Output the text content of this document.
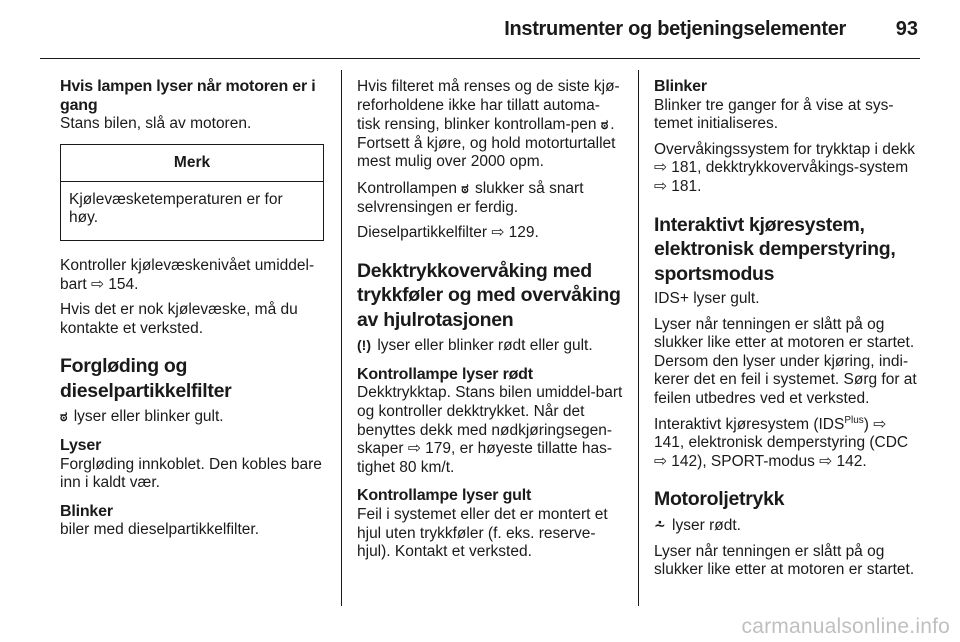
Instrumenter og betjeningselementer 93
Hvis lampen lyser når motoren er i gang

Stans bilen, slå av motoren.

Merk
Kjølevæsketemperaturen er for høy.

Kontroller kjølevæskenivået umiddel-bart ⇨ 154.

Hvis det er nok kjølevæske, må du kontakte et verksted.

Forgløding og dieselpartikkelfilter

ಠ lyser eller blinker gult.

Lyser

Forgløding innkoblet. Den kobles bare inn i kaldt vær.

Blinker

biler med dieselpartikkelfilter.

Hvis filteret må renses og de siste kjø-reforholdene ikke har tillatt automa-tisk rensing, blinker kontrollam-pen ಠ . Fortsett å kjøre, og hold motorturtallet mest mulig over 2000 opm.

Kontrollampen ಠ slukker så snart selvrensingen er ferdig.

Dieselpartikkelfilter ⇨ 129.

Dekktrykkovervåking med trykkføler og med overvåking av hjulrotasjonen

(!) lyser eller blinker rødt eller gult.

Kontrollampe lyser rødt

Dekktrykktap. Stans bilen umiddel-bart og kontroller dekktrykket. Når det benyttes dekk med nødkjøringsegen-skaper ⇨ 179, er høyeste tillatte has-tighet 80 km/t.

Kontrollampe lyser gult

Feil i systemet eller det er montert et hjul uten trykkføler (f. eks. reserve-hjul). Kontakt et verksted.

Blinker

Blinker tre ganger for å vise at sys-temet initialiseres.

Overvåkingssystem for trykktap i dekk ⇨ 181, dekktrykkovervåkings-system ⇨ 181.

Interaktivt kjøresystem, elektronisk demperstyring, sportsmodus

IDS+ lyser gult.

Lyser når tenningen er slått på og slukker like etter at motoren er startet. Dersom den lyser under kjøring, indi-kerer det en feil i systemet. Sørg for at feilen utbedres ved et verksted.

Interaktivt kjøresystem $(IDS^{Plus})$ ⇨ 141, elektronisk demperstyring (CDC ⇨ 142), SPORT-modus ⇨ 142.

Motoroljetrykk

⩪ lyser rødt.

Lyser når tenningen er slått på og slukker like etter at motoren er startet.

carmanualsonline.info
